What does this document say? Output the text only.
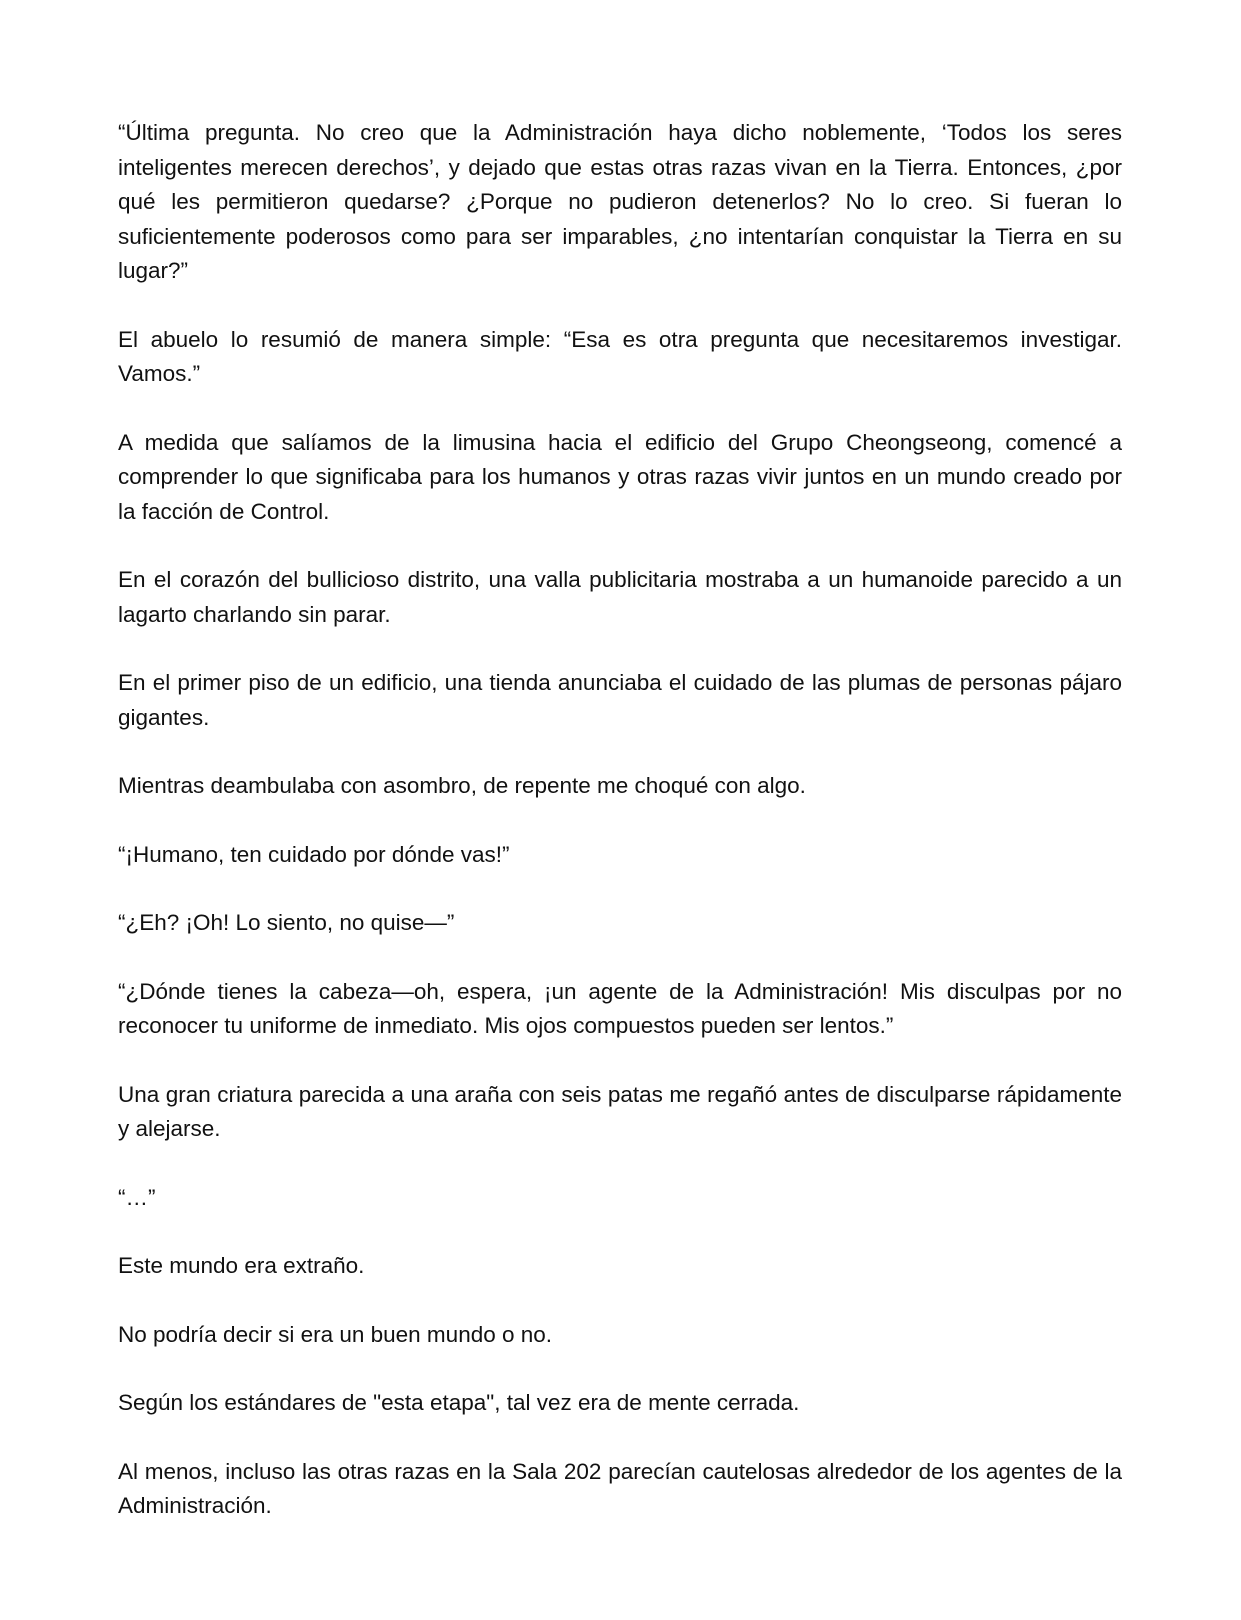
“Última pregunta. No creo que la Administración haya dicho noblemente, ‘Todos los seres inteligentes merecen derechos’, y dejado que estas otras razas vivan en la Tierra. Entonces, ¿por qué les permitieron quedarse? ¿Porque no pudieron detenerlos? No lo creo. Si fueran lo suficientemente poderosos como para ser imparables, ¿no intentarían conquistar la Tierra en su lugar?”

El abuelo lo resumió de manera simple: “Esa es otra pregunta que necesitaremos investigar. Vamos.”

A medida que salíamos de la limusina hacia el edificio del Grupo Cheongseong, comencé a comprender lo que significaba para los humanos y otras razas vivir juntos en un mundo creado por la facción de Control.

En el corazón del bullicioso distrito, una valla publicitaria mostraba a un humanoide parecido a un lagarto charlando sin parar.

En el primer piso de un edificio, una tienda anunciaba el cuidado de las plumas de personas pájaro gigantes.

Mientras deambulaba con asombro, de repente me choqué con algo.

“¡Humano, ten cuidado por dónde vas!”

“¿Eh? ¡Oh! Lo siento, no quise—”

“¿Dónde tienes la cabeza—oh, espera, ¡un agente de la Administración! Mis disculpas por no reconocer tu uniforme de inmediato. Mis ojos compuestos pueden ser lentos.”

Una gran criatura parecida a una araña con seis patas me regañó antes de disculparse rápidamente y alejarse.

“…”

Este mundo era extraño.

No podría decir si era un buen mundo o no.

Según los estándares de "esta etapa", tal vez era de mente cerrada.

Al menos, incluso las otras razas en la Sala 202 parecían cautelosas alrededor de los agentes de la Administración.
